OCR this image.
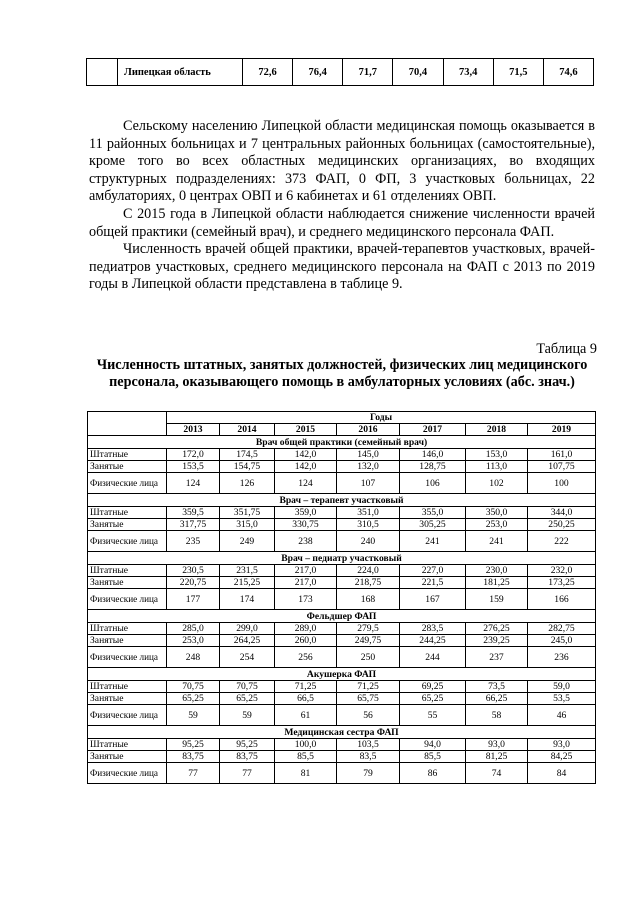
	Липецкая область	72,6	76,4	71,7	70,4	73,4	71,5	74,6

Сельскому населению Липецкой области медицинская помощь оказывается в 11 районных больницах и 7 центральных районных больницах (самостоятельные), кроме того во всех областных медицинских организациях, во входящих структурных подразделениях: 373 ФАП, 0 ФП, 3 участковых больницах, 22 амбулаториях, 0 центрах ОВП и 6 кабинетах и 61 отделениях ОВП.

С 2015 года в Липецкой области наблюдается снижение численности врачей общей практики (семейный врач), и среднего медицинского персонала ФАП.

Численность врачей общей практики, врачей-терапевтов участковых, врачей-педиатров участковых, среднего медицинского персонала на ФАП с 2013 по 2019 годы в Липецкой области представлена в таблице 9.

Таблица 9
Численность штатных, занятых должностей, физических лиц медицинского персонала, оказывающего помощь в амбулаторных условиях (абс. знач.)
	Годы						
	2013	2014	2015	2016	2017	2018	2019
Врач общей практики (семейный врач)							
Штатные	172,0	174,5	142,0	145,0	146,0	153,0	161,0
Занятые	153,5	154,75	142,0	132,0	128,75	113,0	107,75
Физические лица	124	126	124	107	106	102	100
Врач – терапевт участковый							
Штатные	359,5	351,75	359,0	351,0	355,0	350,0	344,0
Занятые	317,75	315,0	330,75	310,5	305,25	253,0	250,25
Физические лица	235	249	238	240	241	241	222
Врач – педиатр участковый							
Штатные	230,5	231,5	217,0	224,0	227,0	230,0	232,0
Занятые	220,75	215,25	217,0	218,75	221,5	181,25	173,25
Физические лица	177	174	173	168	167	159	166
Фельдшер ФАП							
Штатные	285,0	299,0	289,0	279,5	283,5	276,25	282,75
Занятые	253,0	264,25	260,0	249,75	244,25	239,25	245,0
Физические лица	248	254	256	250	244	237	236
Акушерка ФАП							
Штатные	70,75	70,75	71,25	71,25	69,25	73,5	59,0
Занятые	65,25	65,25	66,5	65,75	65,25	66,25	53,5
Физические лица	59	59	61	56	55	58	46
Медицинская сестра ФАП							
Штатные	95,25	95,25	100,0	103,5	94,0	93,0	93,0
Занятые	83,75	83,75	85,5	83,5	85,5	81,25	84,25
Физические лица	77	77	81	79	86	74	84
